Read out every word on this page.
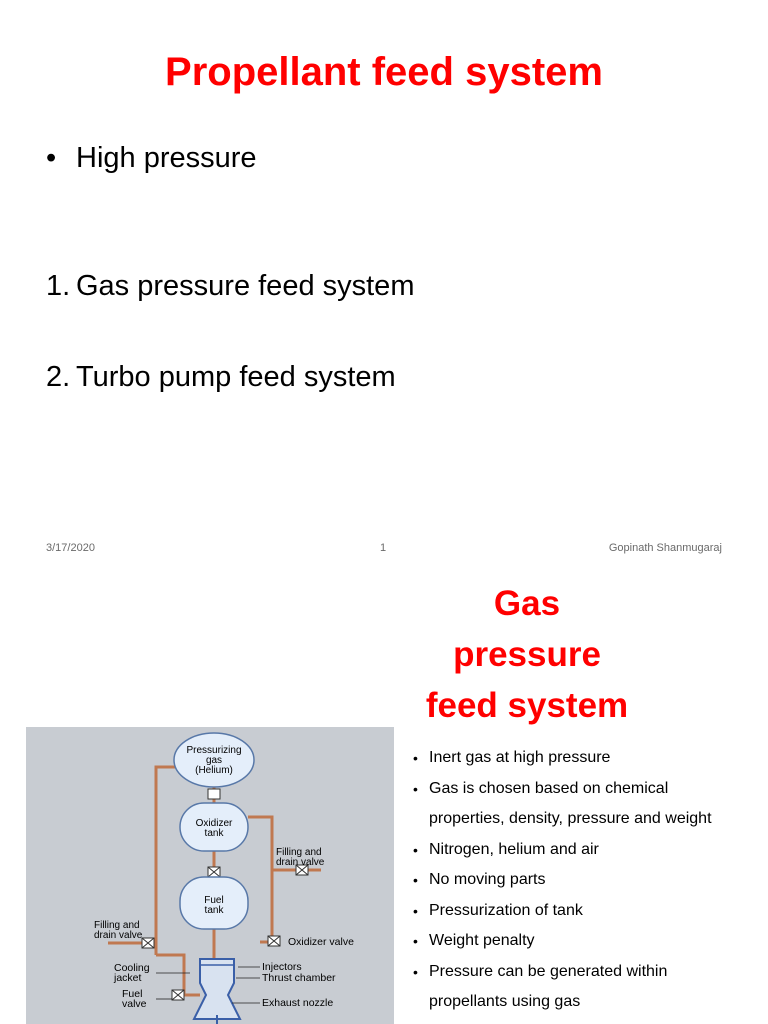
Propellant feed system
• High pressure
1. Gas pressure feed system
2. Turbo pump feed system
3/17/2020	1	Gopinath Shanmugaraj
Gas
pressure
feed system
Pressurizing
gas
(Helium)
Oxidizer
tank
Fuel
tank
Filling and
drain valve
Filling and
drain valve
Oxidizer valve
Injectors
Thrust chamber
Exhaust nozzle
Cooling
jacket
Fuel
valve
• Inert gas at high pressure
• Gas is chosen based on chemical
properties, density, pressure and weight
• Nitrogen, helium and air
• No moving parts
• Pressurization of tank
• Weight penalty
• Pressure can be generated within
propellants using gas
